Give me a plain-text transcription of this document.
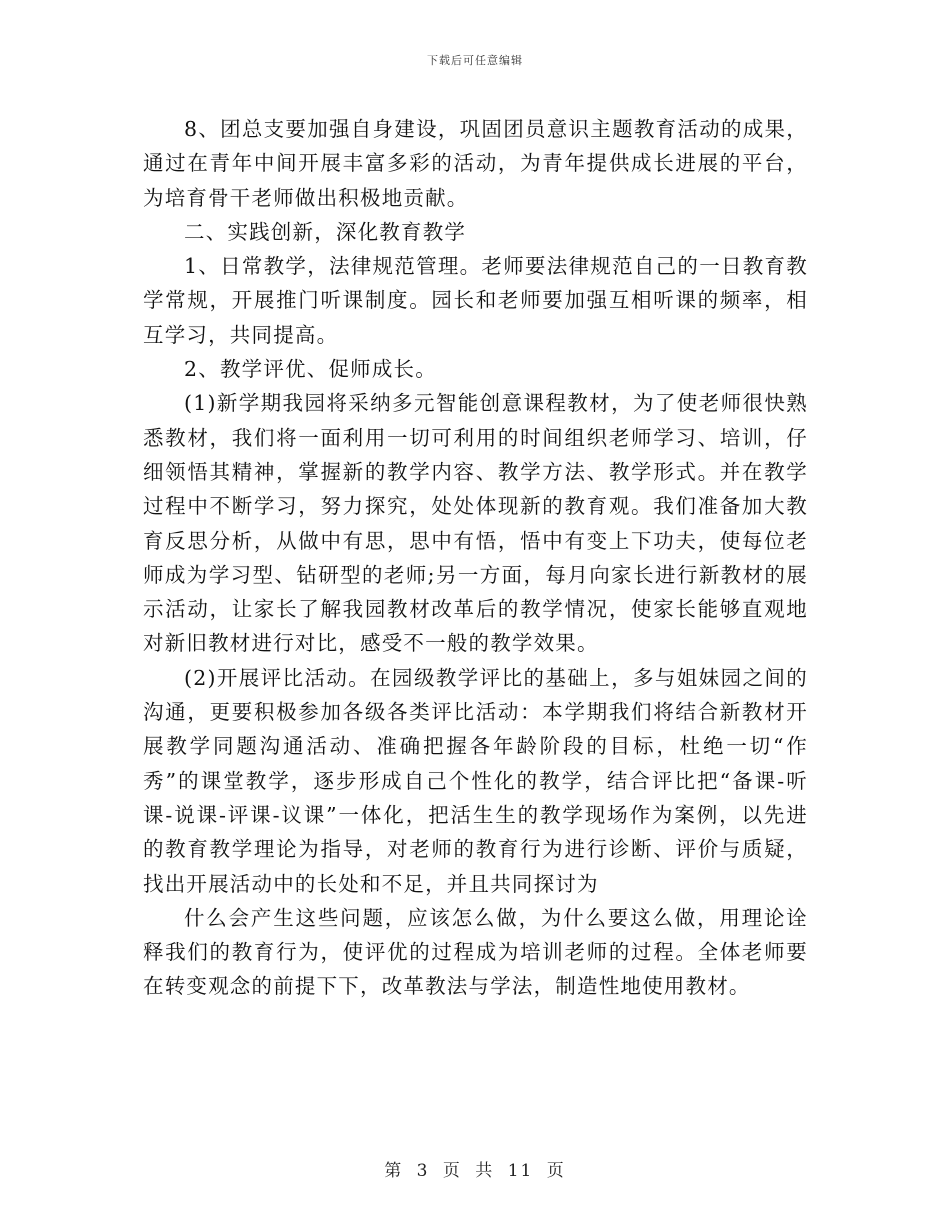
下载后可任意编辑

8、团总支要加强自身建设，巩固团员意识主题教育活动的成果，通过在青年中间开展丰富多彩的活动，为青年提供成长进展的平台，为培育骨干老师做出积极地贡献。

二、实践创新，深化教育教学

1、日常教学，法律规范管理。老师要法律规范自己的一日教育教学常规，开展推门听课制度。园长和老师要加强互相听课的频率，相互学习，共同提高。

2、教学评优、促师成长。

(1)新学期我园将采纳多元智能创意课程教材，为了使老师很快熟悉教材，我们将一面利用一切可利用的时间组织老师学习、培训，仔细领悟其精神，掌握新的教学内容、教学方法、教学形式。并在教学过程中不断学习，努力探究，处处体现新的教育观。我们准备加大教育反思分析，从做中有思，思中有悟，悟中有变上下功夫，使每位老师成为学习型、钻研型的老师;另一方面，每月向家长进行新教材的展示活动，让家长了解我园教材改革后的教学情况，使家长能够直观地对新旧教材进行对比，感受不一般的教学效果。

(2)开展评比活动。在园级教学评比的基础上，多与姐妹园之间的沟通，更要积极参加各级各类评比活动：本学期我们将结合新教材开展教学同题沟通活动、准确把握各年龄阶段的目标，杜绝一切“作秀”的课堂教学，逐步形成自己个性化的教学，结合评比把“备课-听课-说课-评课-议课”一体化，把活生生的教学现场作为案例，以先进的教育教学理论为指导，对老师的教育行为进行诊断、评价与质疑，找出开展活动中的长处和不足，并且共同探讨为

什么会产生这些问题，应该怎么做，为什么要这么做，用理论诠释我们的教育行为，使评优的过程成为培训老师的过程。全体老师要在转变观念的前提下下，改革教法与学法，制造性地使用教材。

第 3 页 共 11 页
